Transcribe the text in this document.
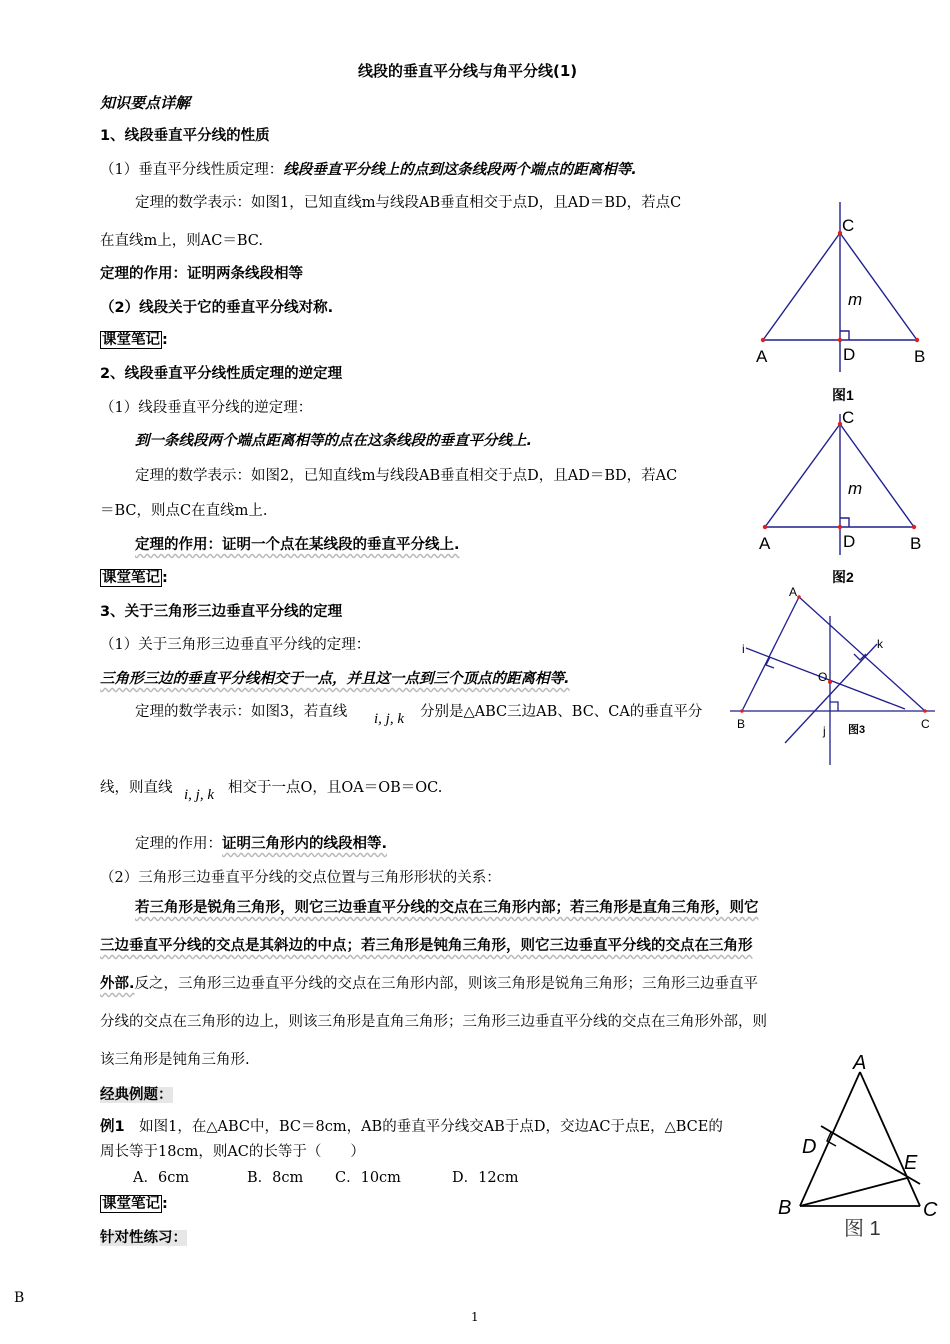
线段的垂直平分线与角平分线(1)
知识要点详解
1、线段垂直平分线的性质
（1）垂直平分线性质定理：线段垂直平分线上的点到这条线段两个端点的距离相等.
定理的数学表示：如图1，已知直线m与线段AB垂直相交于点D，且AD＝BD，若点C
在直线m上，则AC＝BC.
定理的作用：证明两条线段相等
（2）线段关于它的垂直平分线对称.
课堂笔记 :
2、线段垂直平分线性质定理的逆定理
（1）线段垂直平分线的逆定理：
到一条线段两个端点距离相等的点在这条线段的垂直平分线上.
定理的数学表示：如图2，已知直线m与线段AB垂直相交于点D，且AD＝BD，若AC
＝BC，则点C在直线m上.
定理的作用：证明一个点在某线段的垂直平分线上.
课堂笔记 :
3、关于三角形三边垂直平分线的定理
（1）关于三角形三边垂直平分线的定理：
三角形三边的垂直平分线相交于一点，并且这一点到三个顶点的距离相等.
定理的数学表示：如图3，若直线 i, j, k 分别是△ABC三边AB、BC、CA的垂直平分
线，则直线 i, j, k 相交于一点O，且OA＝OB＝OC.
定理的作用：证明三角形内的线段相等.
（2）三角形三边垂直平分线的交点位置与三角形形状的关系：

若三角形是锐角三角形，则它三边垂直平分线的交点在三角形内部；若三角形是直角三角形，则它

三边垂直平分线的交点是其斜边的中点；若三角形是钝角三角形，则它三边垂直平分线的交点在三角形

外部.反之，三角形三边垂直平分线的交点在三角形内部，则该三角形是锐角三角形；三角形三边垂直平

分线的交点在三角形的边上，则该三角形是直角三角形；三角形三边垂直平分线的交点在三角形外部，则

该三角形是钝角三角形.

经典例题：
例1　 如图1，在△ABC中，BC＝8cm，AB的垂直平分线交AB于点D，交边AC于点E，△BCE的
周长等于18cm，则AC的长等于（　　）
A．6cm	B．8cm C．10cm	D．12cm
课堂笔记 :
针对性练习：
B
1
C
m
A	D	B
图1
C
m
A	D	B
图2
A
B	C
O
i
j
k
图3
A
D
E
B	C
图 1
